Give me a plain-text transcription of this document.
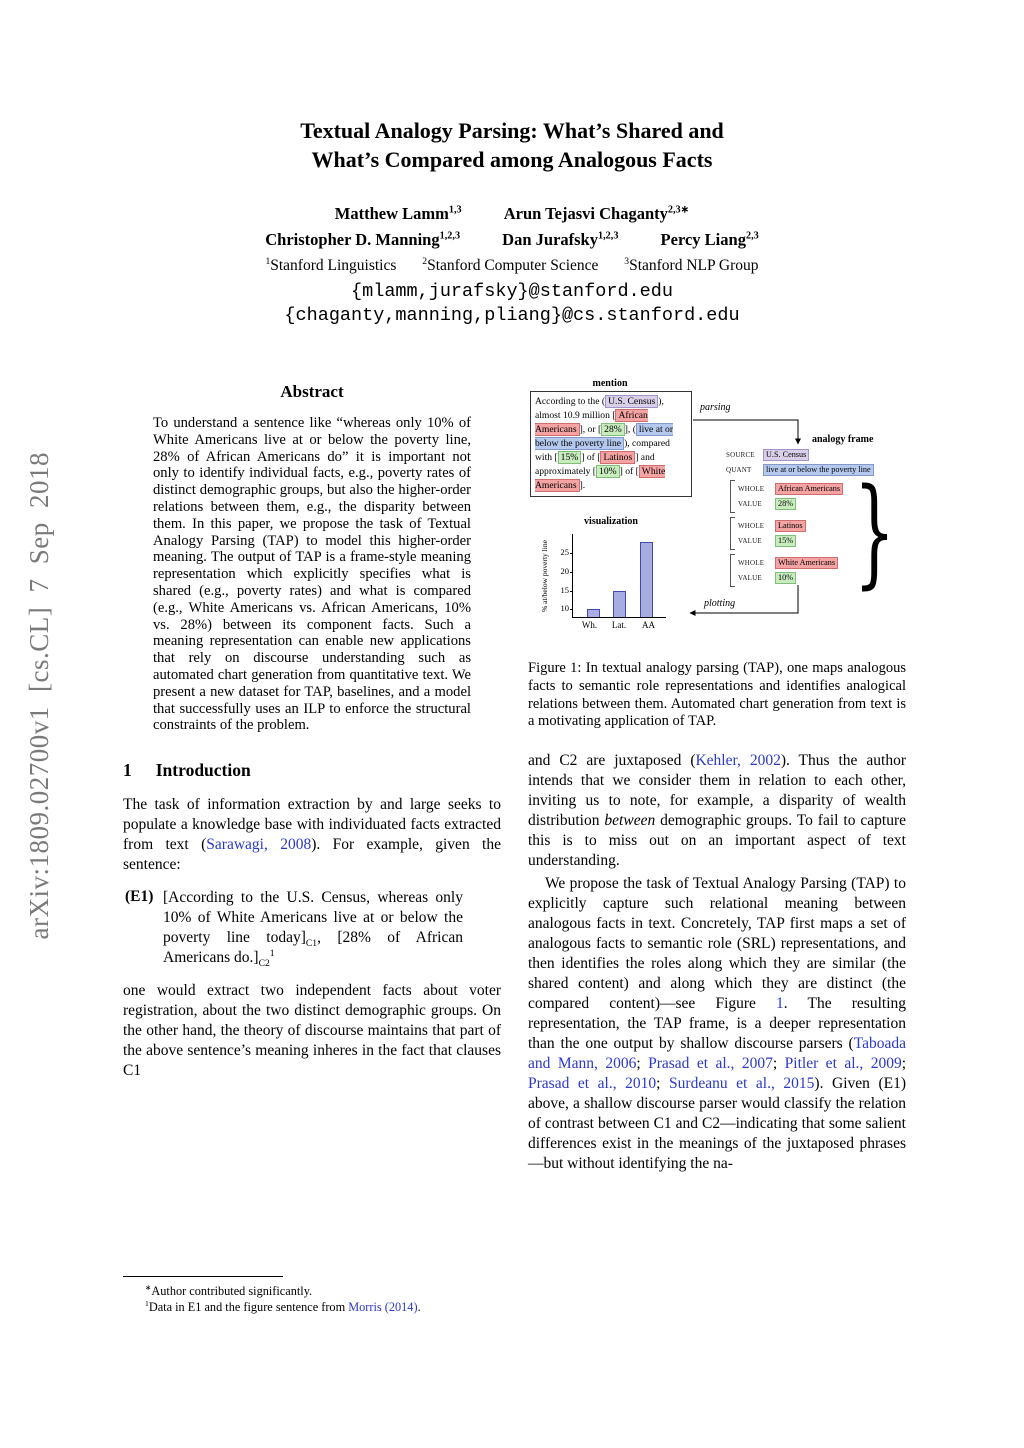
arXiv:1809.02700v1 [cs.CL] 7 Sep 2018
Textual Analogy Parsing: What’s Shared and
What’s Compared among Analogous Facts
Matthew Lamm$^{1,3}$	Arun Tejasvi Chaganty$^{2,3∗}$
Christopher D. Manning$^{1,2,3}$	Dan Jurafsky$^{1,2,3}$	Percy Liang$^{2,3}$
$^1$Stanford Linguistics	$^2$Stanford Computer Science	$^3$Stanford NLP Group
{mlamm,jurafsky}@stanford.edu
{chaganty,manning,pliang}@cs.stanford.edu
Abstract

To understand a sentence like “whereas only 10% of White Americans live at or below the poverty line, 28% of African Americans do” it is important not only to identify individual facts, e.g., poverty rates of distinct demographic groups, but also the higher-order relations between them, e.g., the disparity between them. In this paper, we propose the task of Textual Analogy Parsing (TAP) to model this higher-order meaning. The output of TAP is a frame-style meaning representation which explicitly specifies what is shared (e.g., poverty rates) and what is compared (e.g., White Americans vs. African Americans, 10% vs. 28%) between its component facts. Such a meaning representation can enable new applications that rely on discourse understanding such as automated chart generation from quantitative text. We present a new dataset for TAP, baselines, and a model that successfully uses an ILP to enforce the structural constraints of the problem.

1 Introduction

The task of information extraction by and large seeks to populate a knowledge base with individuated facts extracted from text (Sarawagi, 2008). For example, given the sentence:

(E1) [According to the U.S. Census, whereas only 10% of White Americans live at or below the poverty line $today]_{C1}$, [28% of African Americans $do.]_{C2}^1$

one would extract two independent facts about voter registration, about the two distinct demographic groups. On the other hand, the theory of discourse maintains that part of the above sentence’s meaning inheres in the fact that clauses C1

∗Author contributed significantly.

$^1$Data in E1 and the figure sentence from Morris (2014).

mention
According to the ( U.S. Census ), almost 10.9 million [ African Americans ], or [ 28% ], ( live at or below the poverty line ), compared with [ 15% ] of [ Latinos ] and approximately [ 10% ] of [ White Americans ].
parsing
analogy frame
SOURCE	U.S. Census
QUANT	live at or below the poverty line
WHOLE	African Americans
VALUE	28%
WHOLE	Latinos
VALUE	15%
WHOLE	White Americans
VALUE	10% }
visualization
% at/below poverty line	10
15
20
25
Wh.	Lat.	AA
plotting

Figure 1: In textual analogy parsing (TAP), one maps analogous facts to semantic role representations and identifies analogical relations between them. Automated chart generation from text is a motivating application of TAP.

and C2 are juxtaposed (Kehler, 2002). Thus the author intends that we consider them in relation to each other, inviting us to note, for example, a disparity of wealth distribution between demographic groups. To fail to capture this is to miss out on an important aspect of text understanding.

We propose the task of Textual Analogy Parsing (TAP) to explicitly capture such relational meaning between analogous facts in text. Concretely, TAP first maps a set of analogous facts to semantic role (SRL) representations, and then identifies the roles along which they are similar (the shared content) and along which they are distinct (the compared content)—see Figure 1. The resulting representation, the TAP frame, is a deeper representation than the one output by shallow discourse parsers (Taboada and Mann, 2006; Prasad et al., 2007; Pitler et al., 2009; Prasad et al., 2010; Surdeanu et al., 2015). Given (E1) above, a shallow discourse parser would classify the relation of contrast between C1 and C2—indicating that some salient differences exist in the meanings of the juxtaposed phrases—but without identifying the na-
